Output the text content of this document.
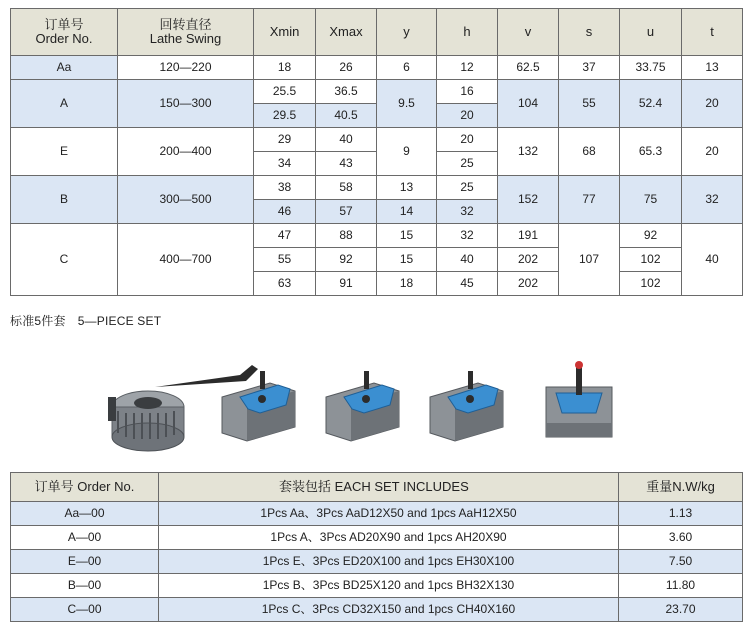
订单号
Order No.	回转直径
Lathe Swing	Xmin	Xmax	y	h	v	s	u	t
Aa	120—220	18	26	6	12	62.5	37	33.75	13
A	150—300	25.5	36.5	9.5	16	104	55	52.4	20
		29.5	40.5		20				
E	200—400	29	40	9	20	132	68	65.3	20
		34	43		25				
B	300—500	38	58	13	25	152	77	75	32
		46	57	14	32				
C	400—700	47	88	15	32	191	107	92	40
		55	92	15	40	202		102	
		63	91	18	45	202		102	
标准5件套 5—PIECE SET
订单号 Order No.	套装包括 EACH SET INCLUDES	重量N.W/kg
Aa—00	1Pcs Aa、3Pcs AaD12X50 and 1pcs AaH12X50	1.13
A—00	1Pcs A、3Pcs AD20X90 and 1pcs AH20X90	3.60
E—00	1Pcs E、3Pcs ED20X100 and 1pcs EH30X100	7.50
B—00	1Pcs B、3Pcs BD25X120 and 1pcs BH32X130	11.80
C—00	1Pcs C、3Pcs CD32X150 and 1pcs CH40X160	23.70
